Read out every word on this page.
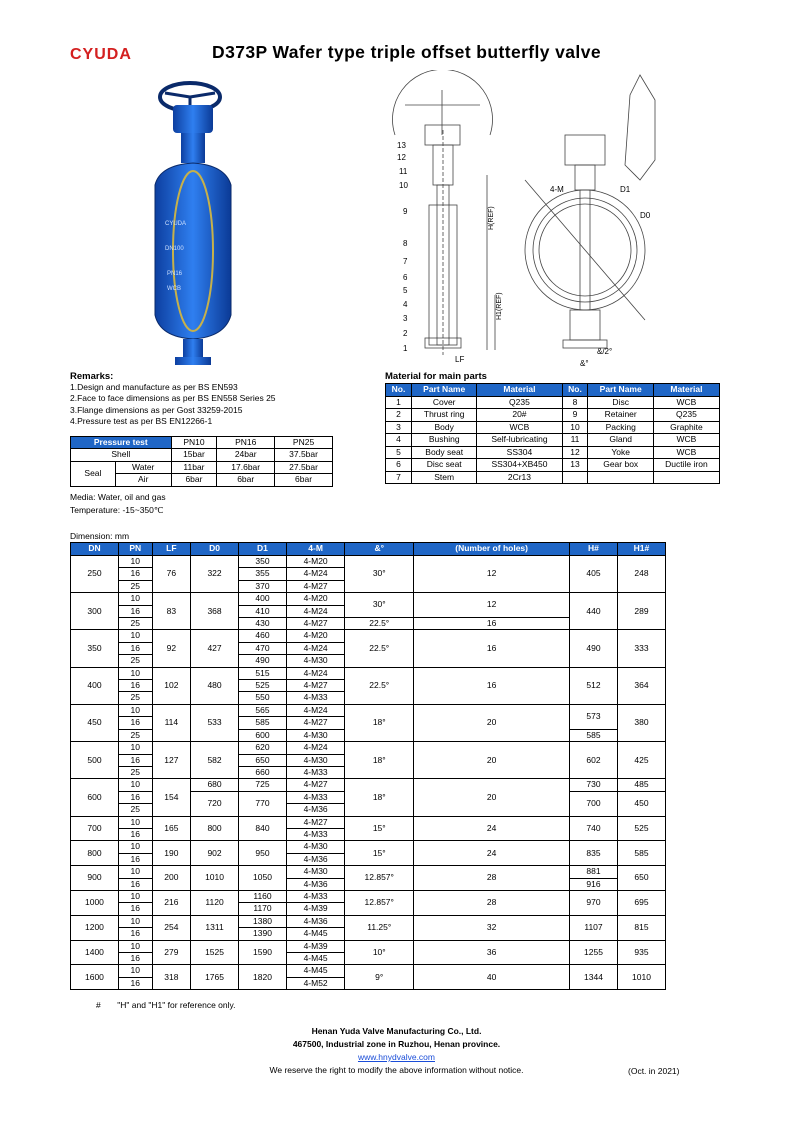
CYUDA	D373P Wafer type triple offset butterfly valve
CYUDA
DN100
PN16
WCB
13
12
11
10
9
8
7
6
5
4
3
2
1
LF
H(REF)
H1(REF)
4-M	D1
D0
&°
&/2°
Remarks:
1.Design and manufacture as per BS EN593
2.Face to face dimensions as per BS EN558 Series 25
3.Flange dimensions as per Gost 33259-2015
4.Pressure test as per BS EN12266-1
Pressure test		PN10	PN16	PN25
Shell		15bar	24bar	37.5bar
Seal	Water	11bar	17.6bar	27.5bar
	Air	6bar	6bar	6bar
Media: Water, oil and gas
Temperature: -15~350℃
Material for main parts
No.	Part Name	Material	No.	Part Name	Material
1	Cover	Q235	8	Disc	WCB
2	Thrust ring	20#	9	Retainer	Q235
3	Body	WCB	10	Packing	Graphite
4	Bushing	Self-lubricating	11	Gland	WCB
5	Body seat	SS304	12	Yoke	WCB
6	Disc seat	SS304+XB450	13	Gear box	Ductile iron
7	Stem	2Cr13			
Dimension: mm
DN	PN	LF	D0	D1	4-M	&°	(Number of holes)	H#	H1#
250	10	76	322	350	4-M20	30°	12	405	248
	16			355	4-M24				
	25			370	4-M27				
300	10	83	368	400	4-M20	30°	12	440	289
	16			410	4-M24				
	25			430	4-M27	22.5°	16		
350	10	92	427	460	4-M20	22.5°	16	490	333
	16			470	4-M24				
	25			490	4-M30				
400	10	102	480	515	4-M24	22.5°	16	512	364
	16			525	4-M27				
	25			550	4-M33				
450	10	114	533	565	4-M24	18°	20	573	380
	16			585	4-M27				
	25			600	4-M30			585	
500	10	127	582	620	4-M24	18°	20	602	425
	16			650	4-M30				
	25			660	4-M33				
600	10	154	680	725	4-M27	18°	20	730	485
	16		720	770	4-M33			700	450
	25				4-M36				
700	10	165	800	840	4-M27	15°	24	740	525
	16				4-M33				
800	10	190	902	950	4-M30	15°	24	835	585
	16				4-M36				
900	10	200	1010	1050	4-M30	12.857°	28	881	650
	16				4-M36			916	
1000	10	216	1120	1160	4-M33	12.857°	28	970	695
	16			1170	4-M39				
1200	10	254	1311	1380	4-M36	11.25°	32	1107	815
	16			1390	4-M45				
1400	10	279	1525	1590	4-M39	10°	36	1255	935
	16				4-M45				
1600	10	318	1765	1820	4-M45	9°	40	1344	1010
	16				4-M52				
# "H" and "H1" for reference only.
Henan Yuda Valve Manufacturing Co., Ltd.
467500, Industrial zone in Ruzhou, Henan province.
www.hnydvalve.com
We reserve the right to modify the above information without notice.	(Oct. in 2021)
